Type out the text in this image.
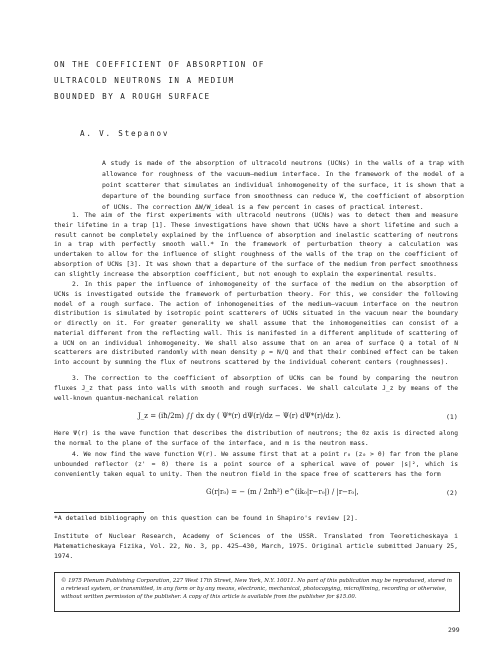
ON THE COEFFICIENT OF ABSORPTION OF
ULTRACOLD NEUTRONS IN A MEDIUM
BOUNDED BY A ROUGH SURFACE
A. V. Stepanov

A study is made of the absorption of ultracold neutrons (UCNs) in the walls of a trap with allowance for roughness of the vacuum—medium interface. In the framework of the model of a point scatterer that simulates an individual inhomogeneity of the surface, it is shown that a departure of the bounding surface from smoothness can reduce W, the coefficient of absorption of UCNs. The correction ΔW/W_ideal is a few percent in cases of practical interest.

1. The aim of the first experiments with ultracold neutrons (UCNs) was to detect them and measure their lifetime in a trap [1]. These investigations have shown that UCNs have a short lifetime and such a result cannot be completely explained by the influence of absorption and inelastic scattering of neutrons in a trap with perfectly smooth wall.* In the framework of perturbation theory a calculation was undertaken to allow for the influence of slight roughness of the walls of the trap on the coefficient of absorption of UCNs [3]. It was shown that a departure of the surface of the medium from perfect smoothness can slightly increase the absorption coefficient, but not enough to explain the experimental results.

2. In this paper the influence of inhomogeneity of the surface of the medium on the absorption of UCNs is investigated outside the framework of perturbation theory. For this, we consider the following model of a rough surface. The action of inhomogeneities of the medium—vacuum interface on the neutron distribution is simulated by isotropic point scatterers of UCNs situated in the vacuum near the boundary or directly on it. For greater generality we shall assume that the inhomogeneities can consist of a material different from the reflecting wall. This is manifested in a different amplitude of scattering of a UCN on an individual inhomogeneity. We shall also assume that on an area of surface Q a total of N scatterers are distributed randomly with mean density ρ = N/Q and that their combined effect can be taken into account by summing the flux of neutrons scattered by the individual coherent centers (roughnesses).

3. The correction to the coefficient of absorption of UCNs can be found by comparing the neutron fluxes J_z that pass into walls with smooth and rough surfaces. We shall calculate J_z by means of the well-known quantum-mechanical relation

J_z = (iħ/2m) ∫∫ dx dy ( Ψ*(r) dΨ(r)/dz − Ψ(r) dΨ*(r)/dz ).	(1)

Here Ψ(r) is the wave function that describes the distribution of neutrons; the 0z axis is directed along the normal to the plane of the surface of the interface, and m is the neutron mass.

4. We now find the wave function Ψ(r). We assume first that at a point r₀ (z₀ > 0) far from the plane unbounded reflector (z' = 0) there is a point source of a spherical wave of power |s|², which is conveniently taken equal to unity. Then the neutron field in the space free of scatterers has the form

G(r|r₀) = − (m / 2πħ²) e^(ik₀|r−r₀|) / |r−r₀|,	(2)
*A detailed bibliography on this question can be found in Shapiro's review [2].

Institute of Nuclear Research, Academy of Sciences of the USSR. Translated from Teoreticheskaya i Matematicheskaya Fizika, Vol. 22, No. 3, pp. 425–430, March, 1975. Original article submitted January 25, 1974.

© 1975 Plenum Publishing Corporation, 227 West 17th Street, New York, N.Y. 10011. No part of this publication may be reproduced, stored in a retrieval system, or transmitted, in any form or by any means, electronic, mechanical, photocopying, microfilming, recording or otherwise, without written permission of the publisher. A copy of this article is available from the publisher for $15.00.
299
